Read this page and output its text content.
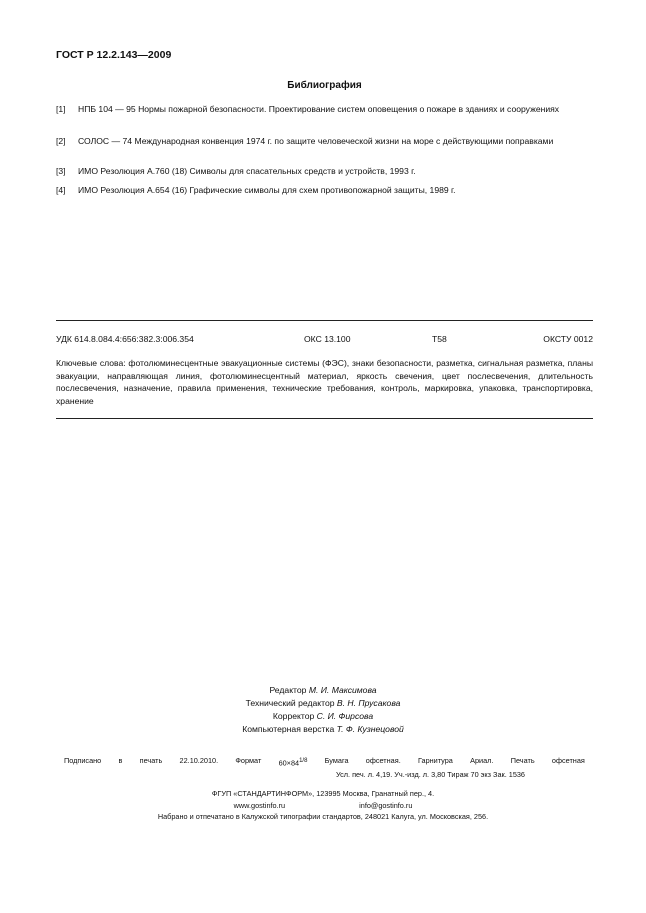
ГОСТ Р 12.2.143—2009
Библиография
[1] НПБ 104 — 95 Нормы пожарной безопасности. Проектирование систем оповещения о пожаре в зданиях и сооружениях
[2] СОЛОС — 74 Международная конвенция 1974 г. по защите человеческой жизни на море с действующими поправками
[3] ИМО Резолюция А.760 (18) Символы для спасательных средств и устройств, 1993 г.
[4] ИМО Резолюция А.654 (16) Графические символы для схем противопожарной защиты, 1989 г.
УДК 614.8.084.4:656:382.3:006.354	ОКС 13.100	Т58	ОКСТУ 0012
Ключевые слова: фотолюминесцентные эвакуационные системы (ФЭС), знаки безопасности, разметка, сигнальная разметка, планы эвакуации, направляющая линия, фотолюминесцентный материал, яркость свечения, цвет послесвечения, длительность послесвечения, назначение, правила применения, технические требования, контроль, маркировка, упаковка, транспортировка, хранение
Редактор М. И. Максимова
Технический редактор В. Н. Прусакова
Корректор С. И. Фирсова
Компьютерная верстка Т. Ф. Кузнецовой
Подписано в печать 22.10.2010. Формат $60\times 84^{1/8}$ Бумага офсетная. Гарнитура Ариал. Печать офсетная
Усл. печ. л. 4,19. Уч.-изд. л. 3,80 Тираж 70 экз Зак. 1536
ФГУП «СТАНДАРТИНФОРМ», 123995 Москва, Гранатный пер., 4.
www.gostinfo.ru	info@gostinfo.ru
Набрано и отпечатано в Калужской типографии стандартов, 248021 Калуга, ул. Московская, 256.
